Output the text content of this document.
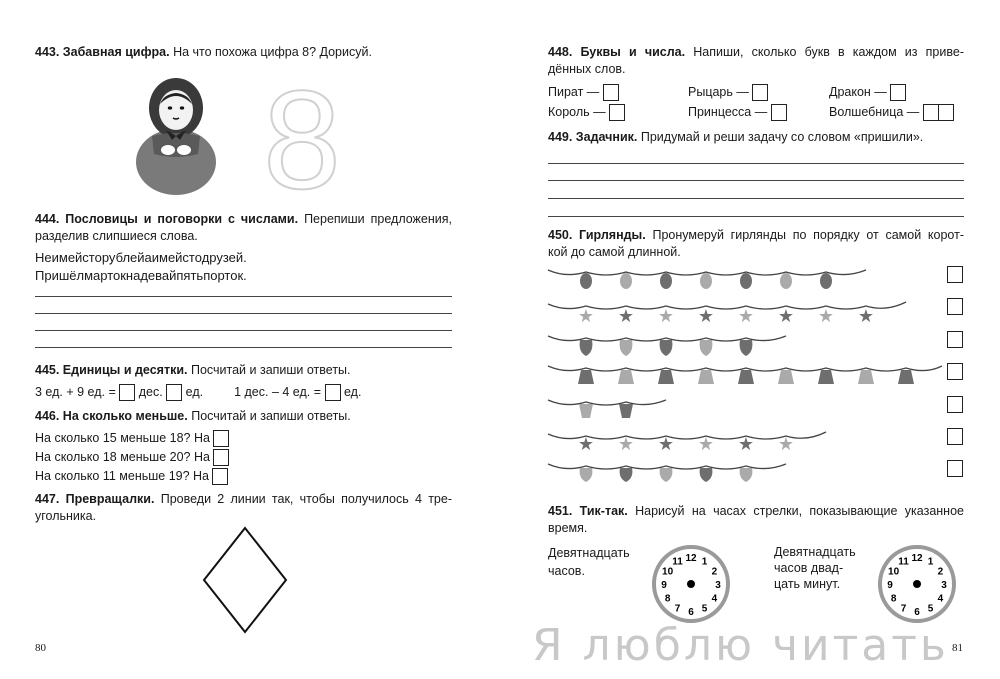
443. Забавная цифра. На что похожа цифра 8? Дорисуй.
8
444. Пословицы и поговорки с числами. Перепиши предложения,
разделив слипшиеся слова.
Неимейсторублейаимейстодрузей.
Пришёлмартокнадевайпятьпорток.
445. Единицы и десятки. Посчитай и запиши ответы.
3 ед. + 9 ед. = дес. ед. 1 дес. – 4 ед. = ед.
446. На сколько меньше. Посчитай и запиши ответы.
На сколько 15 меньше 18? На
На сколько 18 меньше 20? На
На сколько 11 меньше 19? На
447. Превращалки. Проведи 2 линии так, чтобы получилось 4 тре-
угольника.
80
448. Буквы и числа. Напиши, сколько букв в каждом из приве-
дённых слов.
Пират —	Рыцарь —	Дракон —
Король —	Принцесса —	Волшебница —
449. Задачник. Придумай и реши задачу со словом «пришили».
450. Гирлянды. Пронумеруй гирлянды по порядку от самой корот-
кой до самой длинной.
★ ★ ★ ★ ★ ★ ★ ★
★ ★ ★ ★ ★ ★
451. Тик-так. Нарисуй на часах стрелки, показывающие указанное
время.
Девятнадцать
часов.
Девятнадцать
часов двад-
цать минут.
12 1
2
3
4
5
6
7
8
9
10
11	12 1
2
3
4
5
6
7
8
9
10
11
81
Я люблю читать
